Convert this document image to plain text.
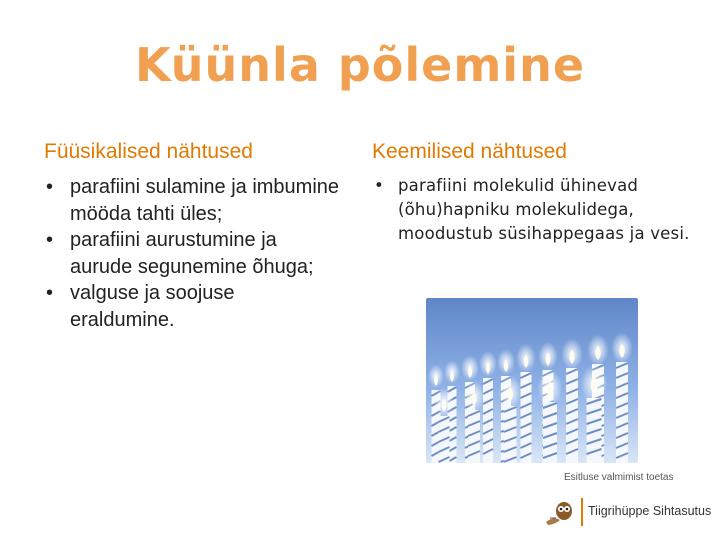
Küünla põlemine
Füüsikalised nähtused
• parafiini sulamine ja imbumine mööda tahti üles;
• parafiini aurustumine ja aurude segunemine õhuga;
• valguse ja soojuse eraldumine.
Keemilised nähtused
• parafiini molekulid ühinevad (õhu)hapniku molekulidega, moodustub süsihappegaas ja vesi.
Esitluse valmimist toetas
Tiigrihüppe Sihtasutus
